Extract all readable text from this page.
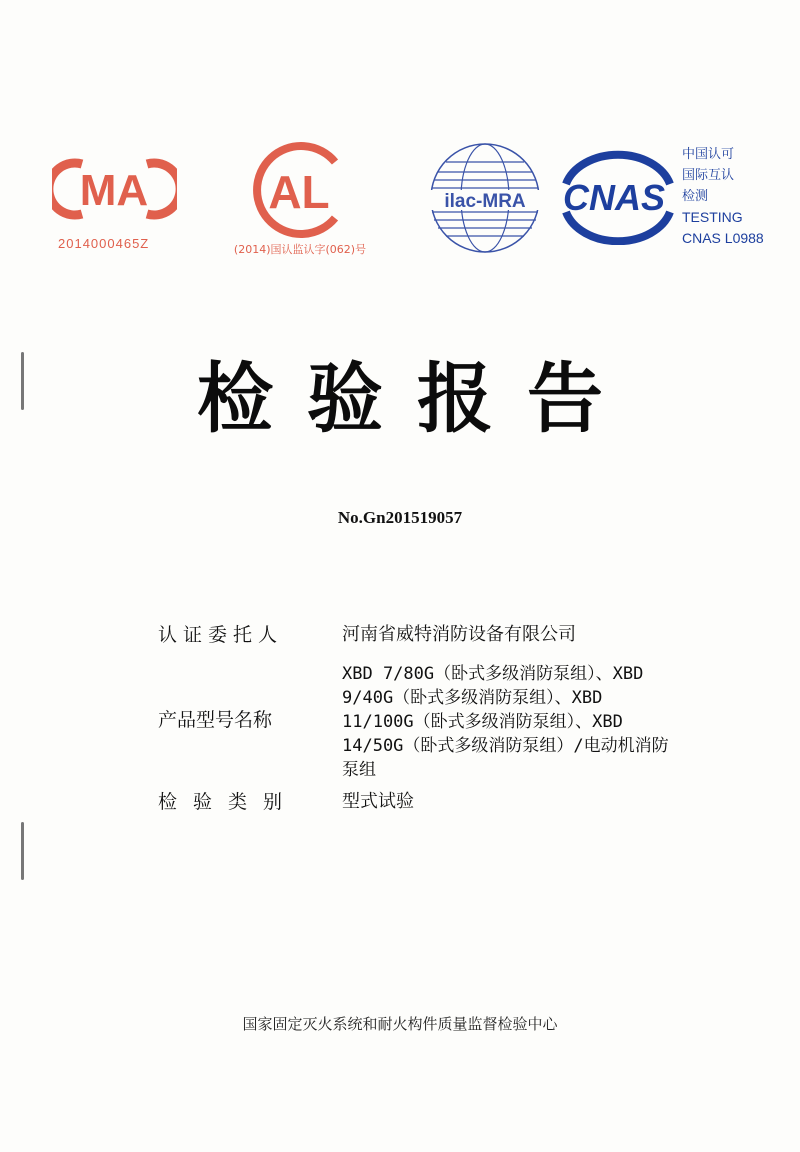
MA
2014000465Z
AL
(2014)国认监认字(062)号
ilac-MRA CNAS
中国认可
国际互认
检测
TESTING
CNAS L0988
检验报告
No.Gn201519057
认证委托人	河南省威特消防设备有限公司
产品型号名称
XBD 7/80G（卧式多级消防泵组）、XBD
9/40G（卧式多级消防泵组）、XBD
11/100G（卧式多级消防泵组）、XBD
14/50G（卧式多级消防泵组）/电动机消防
泵组
检验类别 型式试验
国家固定灭火系统和耐火构件质量监督检验中心
